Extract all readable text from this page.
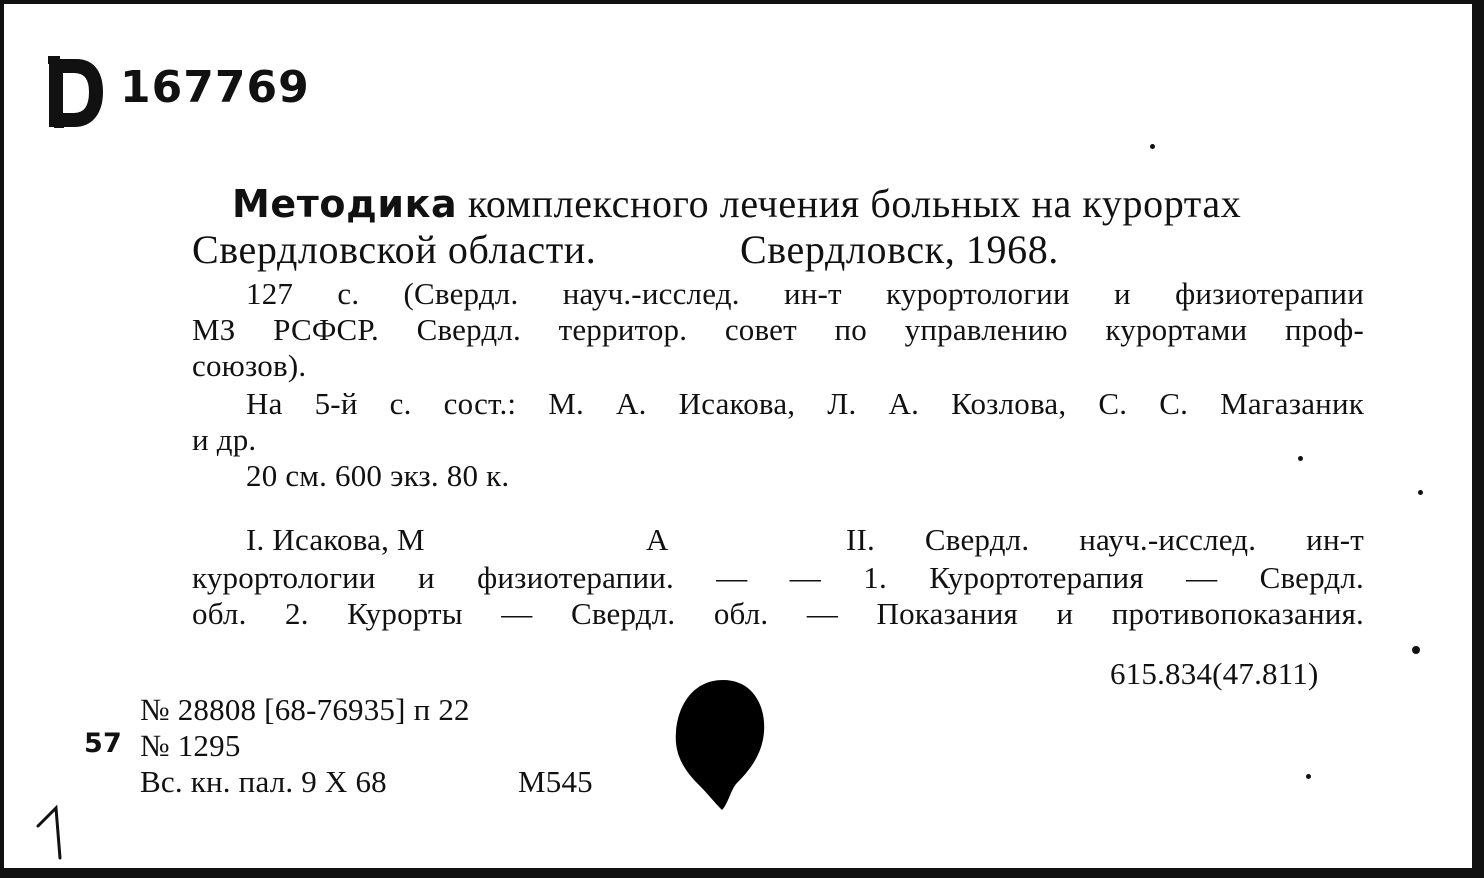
167769
Методика комплексного лечения больных на курортах
Свердловской области.	Свердловск, 1968.
127 с. (Свердл. науч.-исслед. ин-т курортологии и физиотерапии
МЗ РСФСР. Свердл. территор. совет по управлению курортами проф-
союзов).
На 5-й с. сост.: М. А. Исакова, Л. А. Козлова, С. С. Магазаник
и др.
20 см. 600 экз. 80 к.
I. Исакова, М	А	II. Свердл. науч.-исслед. ин-т
курортологии и физиотерапии. — — 1. Курортотерапия — Свердл.
обл. 2. Курорты — Свердл. обл. — Показания и противопоказания.
615.834(47.811)
№ 28808 [68-76935] п 22
57 № 1295
Вс. кн. пал. 9 Х 68	М545
